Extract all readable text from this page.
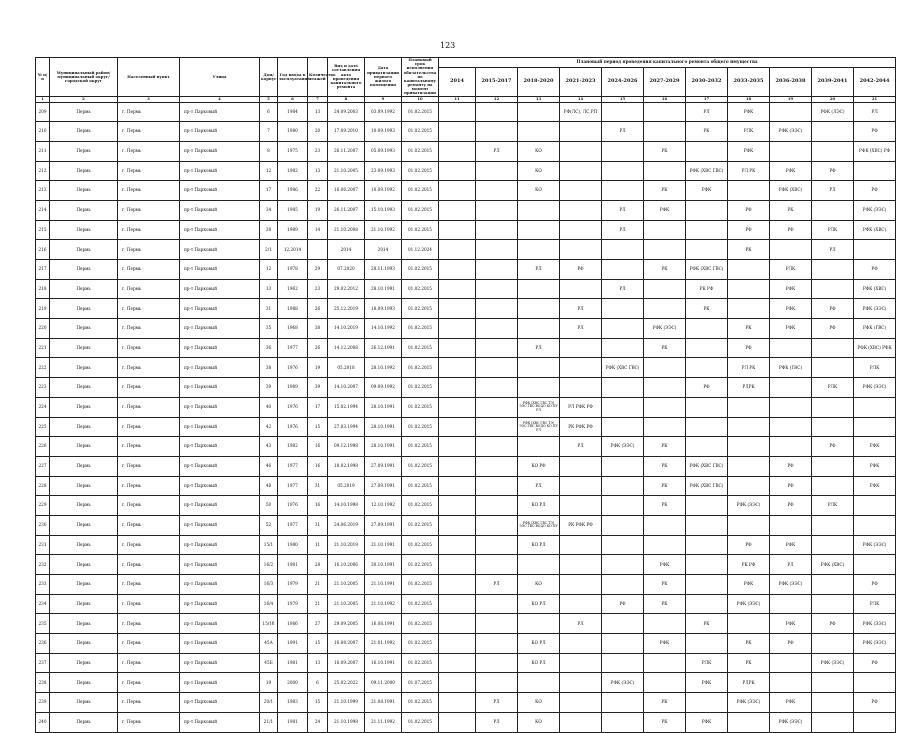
123
№ п/п	Муниципальный район/муниципальный округ/городской округ	Населенный пункт	Улица	Дом/корпус	Год ввода в эксплуатацию	Количество этажей	Вид и дата составления акта проведения капитального ремонта	Дата приватизации первого жилого помещения	Плановый срок исполнения обязательства по капитальному ремонту на момент приватизации	Плановый период проведения капитального ремонта общего имущества										
										2014	2015-2017	2018-2020	2021-2023	2024-2026	2027-2029	2030-2032	2033-2035	2036-2038	2039-2041	2042-2044
1	2	3	4	5	6	7	8	9	10	11	12	13	14	15	16	17	18	19	20	21
209	Пермь	г. Пермь	пр-т Парковый	6	1984	13	24.09.2003	03.09.1992	01.02.2015				РФ(ЛС), ЛС,РП			РЛ	РФК		РФК (ЛЭС)	РЛ
210	Пермь	г. Пермь	пр-т Парковый	7	1980	20	17.09.2010	10.09.1993	01.02.2015					РЛ		РК	РЛК	РФК (ЭЭС)		РФ
211	Пермь	г. Пермь	пр-т Парковый	8	1975	23	26.11.2007	05.09.1993	01.02.2015		РЛ	КО			РК		РФК			РФК (ХВС) РФ
212	Пермь	г. Пермь	пр-т Парковый	12	1982	13	21.10.2005	23.09.1993	01.02.2015			КО				РФК (ХВС ГВС)	РЛ РК	РФК	РФ	
213	Пермь	г. Пермь	пр-т Парковый	17	1986	22	16.06.2007	10.09.1992	01.02.2015			КО			РК	РФК		РФК (ХВС)	РЛ	РФ
214	Пермь	г. Пермь	пр-т Парковый	34	1985	19	26.11.2007	15.10.1993	01.02.2015					РЛ	РФК		РФ	РК		РФК (ЭЭС)
215	Пермь	г. Пермь	пр-т Парковый	38	1989	14	21.10.2008	21.10.1992	01.02.2015					РЛ			РФ	РФ	РЛК	РФК (ХВС)
216	Пермь	г. Пермь	пр-т Парковый	2/1	12.2014		2014	2014	01.12.2024								РК		РЛ	
217	Пермь	г. Пермь	пр-т Парковый	12	1978	29	07.2020	28.11.1993	01.02.2015			РЛ	РФ		РК	РФК (ХВС ГВС)		РЛК		РФ
218	Пермь	г. Пермь	пр-т Парковый	13	1962	23	29.02.2012	28.10.1991	01.02.2015					РЛ		РК РФ		РФК		РФК (ХВС)
219	Пермь	г. Пермь	пр-т Парковый	31	1988	26	25.12.2019	18.09.1993	01.02.2015				РЛ			РК		РФК	РФ	РФК (ЭЭС)
220	Пермь	г. Пермь	пр-т Парковый	35	1968	38	14.10.2019	14.10.1992	01.02.2015				РЛ		РФК (ЭЭС)		РК	РФК	РФ	РФК (ГВС)
221	Пермь	г. Пермь	пр-т Парковый	36	1977	26	14.12.2008	26.12.1991	01.02.2015			РЛ			РК		РФ			РФК (ХВС) РФК
222	Пермь	г. Пермь	пр-т Парковый	38	1976	19	05.2018	28.10.1992	01.02.2015					РФК (ХВС ГВС)			РЛ РК	РФК (ГВС)		РЛК
223	Пермь	г. Пермь	пр-т Парковый	39	1989	39	14.10.2007	09.09.1992	01.02.2015							РФ	РЛРК		РЛК	РФК (ЭЭС)
224	Пермь	г. Пермь	пр-т Парковый	40	1976	17	15.02.1994	28.10.1991	01.02.2015			РФК (ХВС ГВС ТЭ) ЭЭС ГВС ВОДО КО ПУ РЛ	РЛ РФК РФ							
225	Пермь	г. Пермь	пр-т Парковый	42	1976	15	27.03.1994	28.10.1991	01.02.2015			РФК (ХВС ГВС ТЭ) ЭЭС ГВС ВОДО КО ПУ РЛ	РК РФК РФ							
226	Пермь	г. Пермь	пр-т Парковый	43	1982	16	09.12.1998	28.10.1991	01.02.2015				РЛ	РФК (ЭЭС)	РК				РФ	РФК
227	Пермь	г. Пермь	пр-т Парковый	46	1977	16	18.02.1998	27.09.1991	01.02.2015			КО РФ			РК	РФК (ХВС ГВС)		РФ		РФК
228	Пермь	г. Пермь	пр-т Парковый	48	1977	31	05.2019	27.09.1991	01.02.2015			РЛ			РК	РФК (ХВС ГВС)		РФ		РФК
229	Пермь	г. Пермь	пр-т Парковый	50	1976	16	14.10.1998	12.10.1992	01.02.2015			КО РЛ			РК		РФК (ЭЭС)	РФ	РЛК	
230	Пермь	г. Пермь	пр-т Парковый	52	1977	31	24.06.2019	27.09.1991	01.02.2015			РФК (ХВС ГВС ТЭ) ЭЭС ГВС ВОДО КО ПУ	РК РФК РФ							
231	Пермь	г. Пермь	пр-т Парковый	15/1	1980	11	21.10.2019	21.10.1991	01.02.2015			КО РЛ					РФ	РФК		РФК (ЭЭС)
232	Пермь	г. Пермь	пр-т Парковый	16/2	1981	28	16.10.2006	30.10.1991	01.02.2015						РФК		РК РФ	РЛ	РФК (ХВС)	
233	Пермь	г. Пермь	пр-т Парковый	16/3	1979	21	21.10.2005	21.10.1991	01.02.2015		РЛ	КО			РК		РФК	РФК (ЭЭС)		РФ
234	Пермь	г. Пермь	пр-т Парковый	16/4	1979	21	21.10.2005	21.10.1992	01.02.2015			КО РЛ		РФ	РК		РФК (ЭЭС)			РЛК
235	Пермь	г. Пермь	пр-т Парковый	15/1б	1986	27	29.09.2005	16.08.1991	01.02.2015				РЛ			РК		РФК	РФ	РФК (ЭЭС)
236	Пермь	г. Пермь	пр-т Парковый	45А	1991	15	16.08.2007	21.01.1992	01.02.2015			КО РЛ			РФК		РК	РФ		РФК (ЭЭС)
237	Пермь	г. Пермь	пр-т Парковый	45Б	1981	13	16.09.2007	16.10.1991	01.02.2015			КО РЛ				РЛК	РК		РФК (ЭЭС)	РФ
238	Пермь	г. Пермь	пр-т Парковый	19	2000	6	25.02.2022	09.11.2000	01.07.2015					РФК (ЭЭС)		РФК	РЛРК			
239	Пермь	г. Пермь	пр-т Парковый	20/1	1983	15	21.10.1999	21.08.1991	01.02.2015		РЛ	КО			РК		РФК (ЭЭС)	РФК		РФ
240	Пермь	г. Пермь	пр-т Парковый	21/1	1981	24	21.10.1998	21.11.1992	01.02.2015		РЛ	КО			РК	РФК		РФК (ЭЭС)		
